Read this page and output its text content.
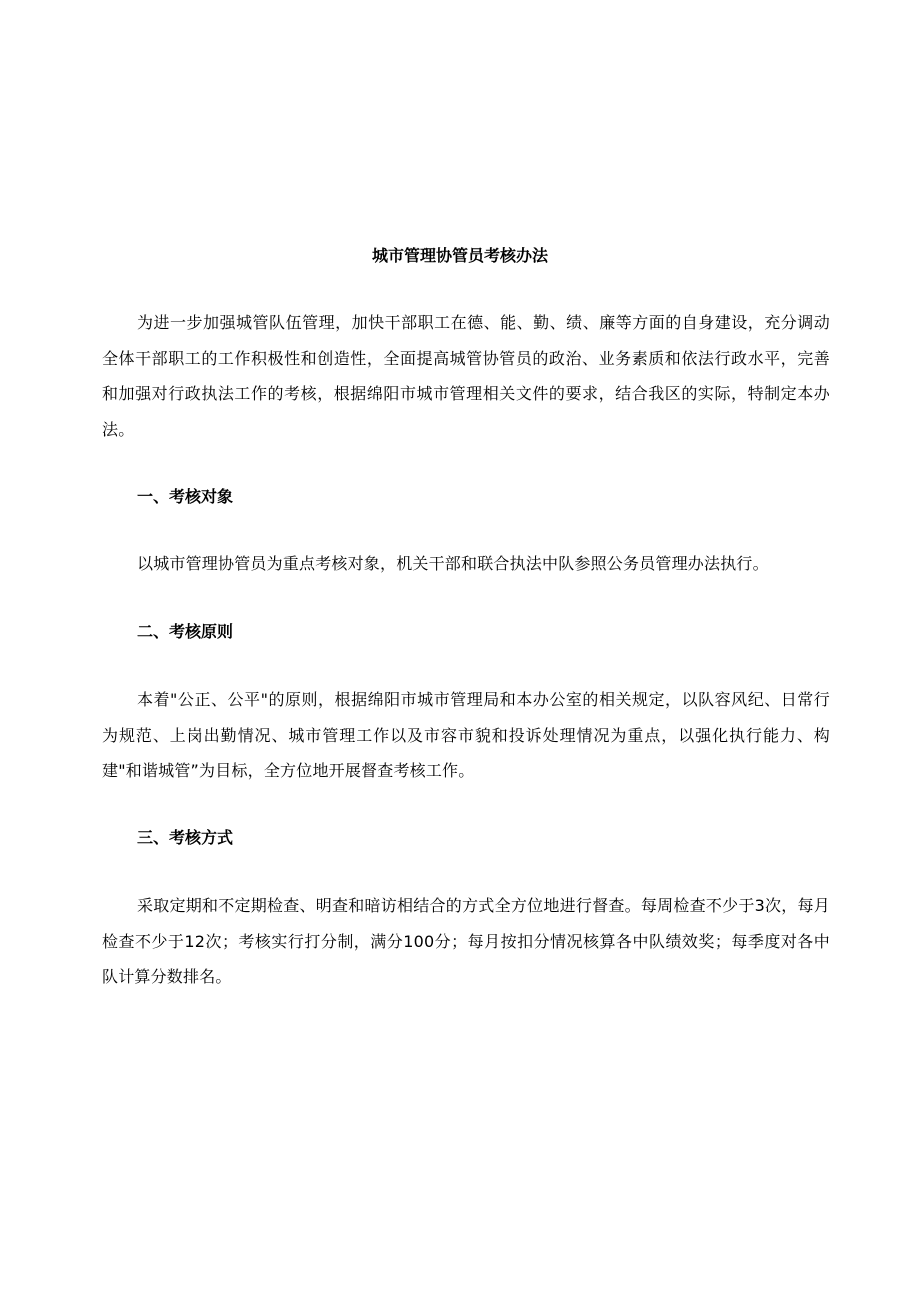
城市管理协管员考核办法

为进一步加强城管队伍管理，加快干部职工在德、能、勤、绩、廉等方面的自身建设，充分调动全体干部职工的工作积极性和创造性，全面提高城管协管员的政治、业务素质和依法行政水平，完善和加强对行政执法工作的考核，根据绵阳市城市管理相关文件的要求，结合我区的实际，特制定本办法。

一、考核对象

以城市管理协管员为重点考核对象，机关干部和联合执法中队参照公务员管理办法执行。

二、考核原则

本着"公正、公平"的原则，根据绵阳市城市管理局和本办公室的相关规定，以队容风纪、日常行为规范、上岗出勤情况、城市管理工作以及市容市貌和投诉处理情况为重点，以强化执行能力、构建"和谐城管”为目标，全方位地开展督查考核工作。

三、考核方式

采取定期和不定期检查、明查和暗访相结合的方式全方位地进行督查。每周检查不少于3次，每月检查不少于12次；考核实行打分制，满分100分；每月按扣分情况核算各中队绩效奖；每季度对各中队计算分数排名。
